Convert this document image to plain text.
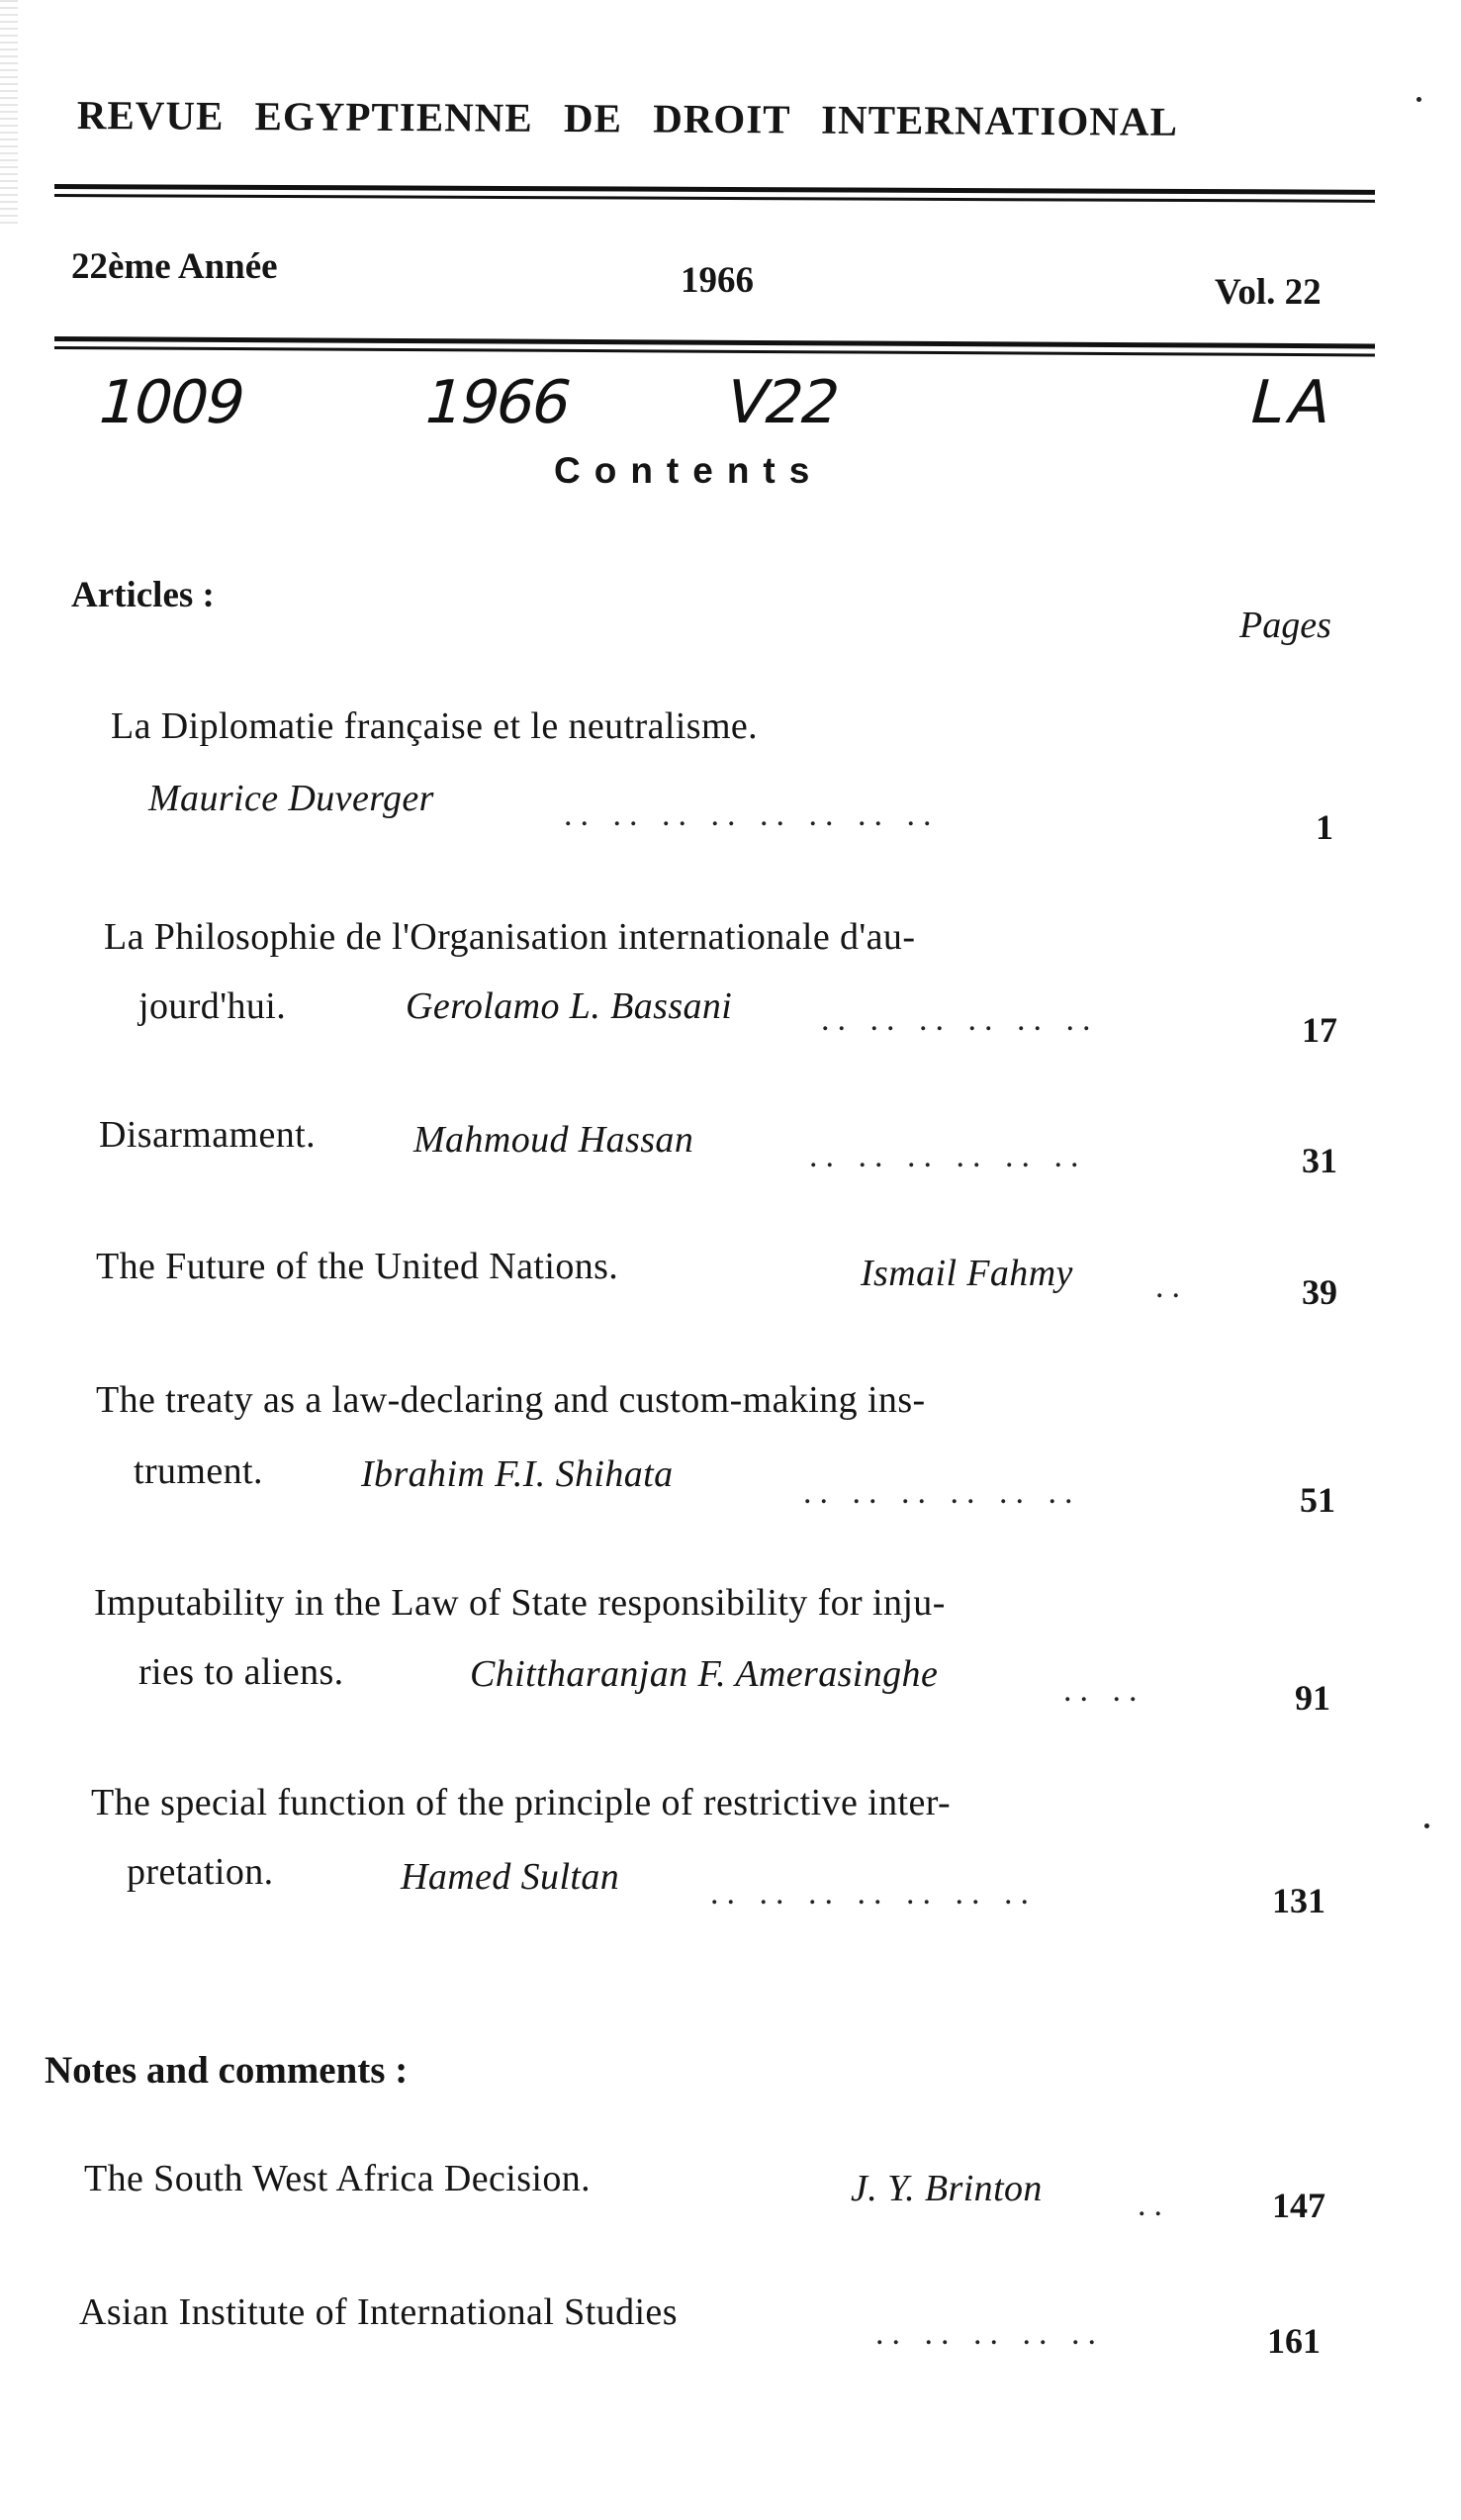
REVUE EGYPTIENNE DE DROIT INTERNATIONAL
22ème Année	1966	Vol. 22
1009	1966 V22	LA
Contents
Articles :
Pages
La Diplomatie française et le neutralisme.
Maurice Duverger	.. .. .. .. .. .. .. ..	1
La Philosophie de l'Organisation internationale d'au-
jourd'hui.	Gerolamo L. Bassani	.. .. .. .. .. ..	17
Disarmament.	Mahmoud Hassan	.. .. .. .. .. ..	31
The Future of the United Nations.	Ismail Fahmy ..	39
The treaty as a law-declaring and custom-making ins-
trument.	Ibrahim F.I. Shihata	.. .. .. .. .. ..	51
Imputability in the Law of State responsibility for inju-
ries to aliens.	Chittharanjan F. Amerasinghe	.. ..	91
The special function of the principle of restrictive inter-
pretation.	Hamed Sultan	.. .. .. .. .. .. ..	131
Notes and comments :
The South West Africa Decision.	J. Y. Brinton	..	147
Asian Institute of International Studies
.. .. .. .. ..	161
